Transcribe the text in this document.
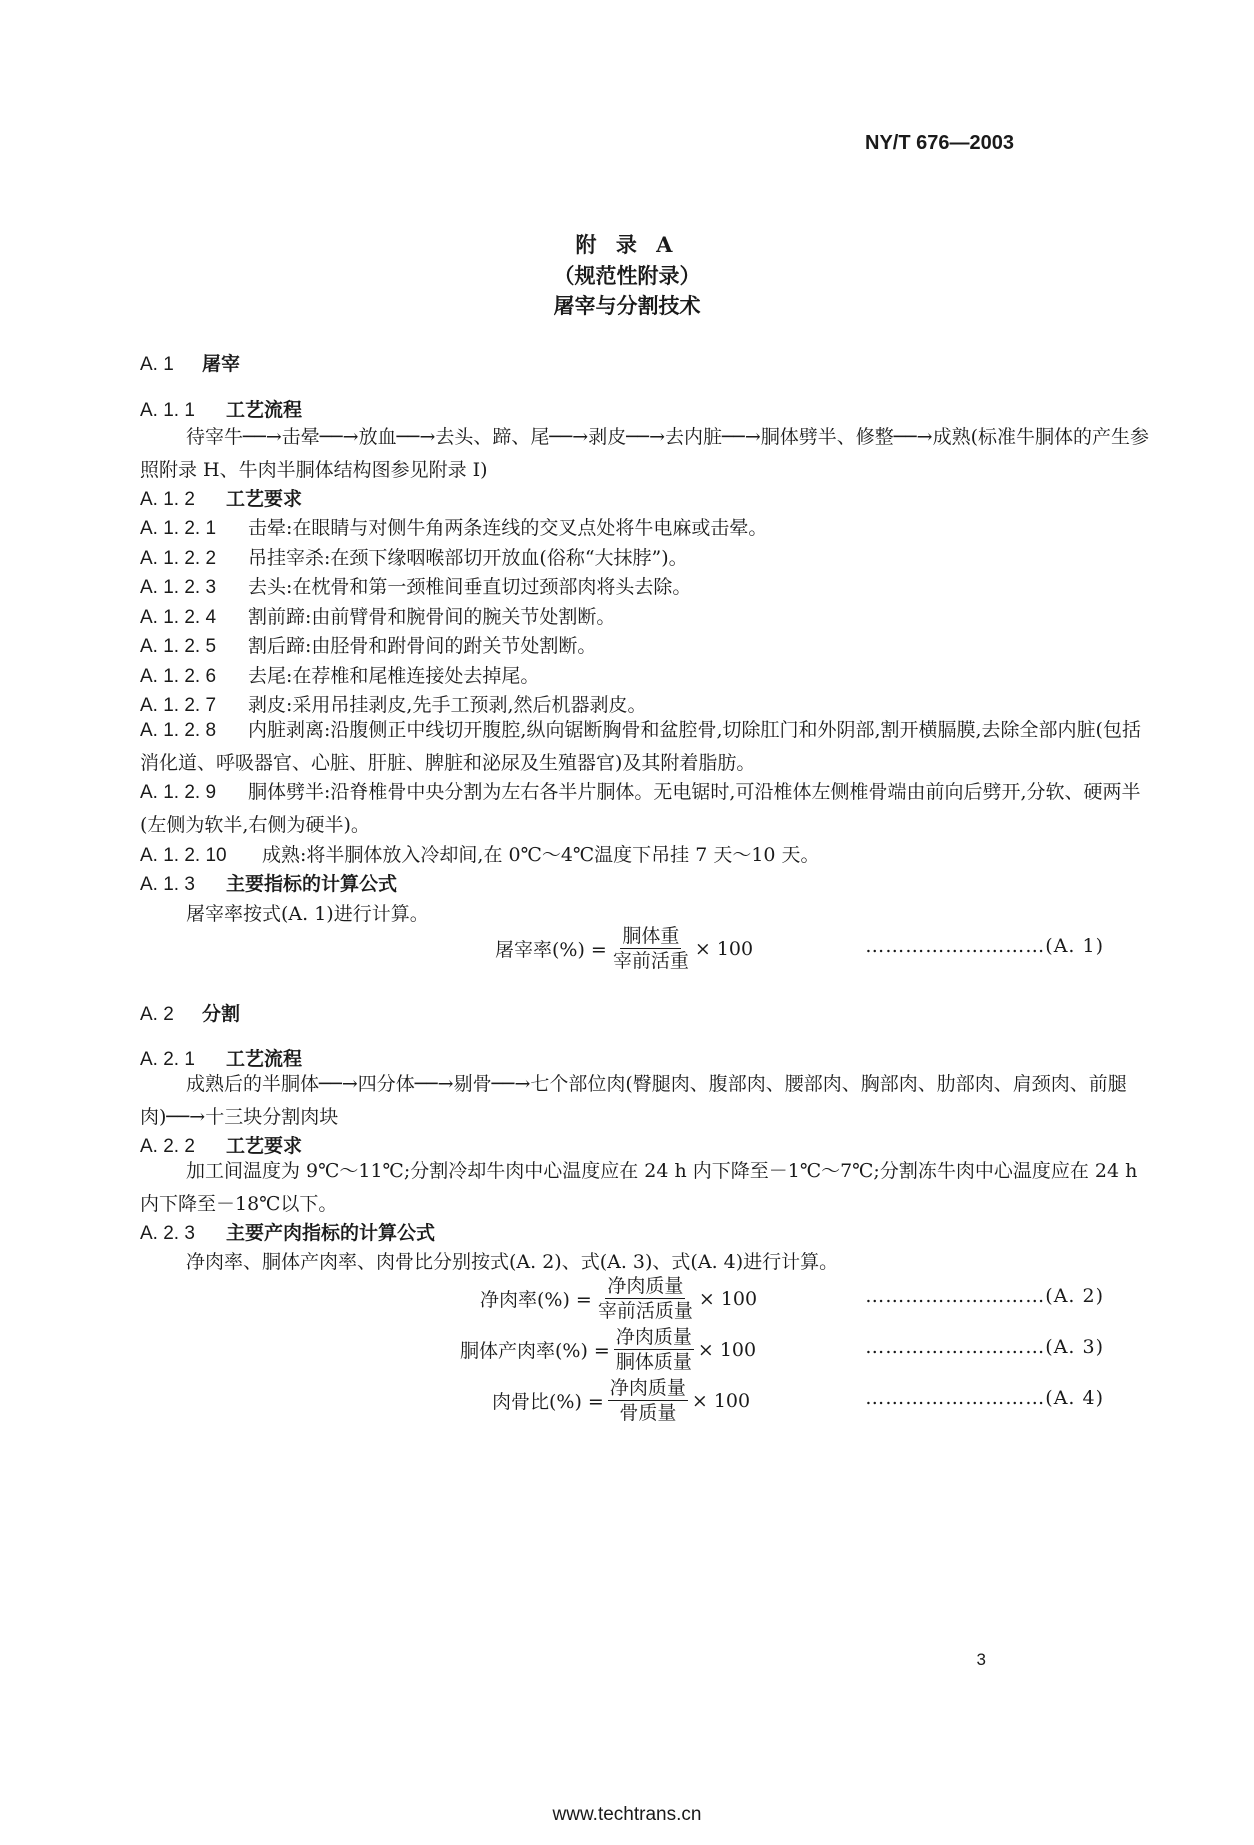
NY/T 676—2003
附 录 A
（规范性附录）
屠宰与分割技术
A. 1 屠宰
A. 1. 1 工艺流程
待宰牛──→击晕──→放血──→去头、蹄、尾──→剥皮──→去内脏──→胴体劈半、修整──→成熟(标准牛胴体的产生参照附录 H、牛肉半胴体结构图参见附录 I)
A. 1. 2 工艺要求
A. 1. 2. 1 击晕:在眼睛与对侧牛角两条连线的交叉点处将牛电麻或击晕。
A. 1. 2. 2 吊挂宰杀:在颈下缘咽喉部切开放血(俗称“大抹脖”)。
A. 1. 2. 3 去头:在枕骨和第一颈椎间垂直切过颈部肉将头去除。
A. 1. 2. 4 割前蹄:由前臂骨和腕骨间的腕关节处割断。
A. 1. 2. 5 割后蹄:由胫骨和跗骨间的跗关节处割断。
A. 1. 2. 6 去尾:在荐椎和尾椎连接处去掉尾。
A. 1. 2. 7 剥皮:采用吊挂剥皮,先手工预剥,然后机器剥皮。
A. 1. 2. 8 内脏剥离:沿腹侧正中线切开腹腔,纵向锯断胸骨和盆腔骨,切除肛门和外阴部,割开横膈膜,去除全部内脏(包括消化道、呼吸器官、心脏、肝脏、脾脏和泌尿及生殖器官)及其附着脂肪。
A. 1. 2. 9 胴体劈半:沿脊椎骨中央分割为左右各半片胴体。无电锯时,可沿椎体左侧椎骨端由前向后劈开,分软、硬两半(左侧为软半,右侧为硬半)。
A. 1. 2. 10 成熟:将半胴体放入冷却间,在 0℃～4℃温度下吊挂 7 天～10 天。
A. 1. 3 主要指标的计算公式
屠宰率按式(A. 1)进行计算。
屠宰率(%) = $\frac{\text{胴体重}}{\text{宰前活重}} \times 100$	………………………(A. 1)
A. 2 分割
A. 2. 1 工艺流程
成熟后的半胴体──→四分体──→剔骨──→七个部位肉(臀腿肉、腹部肉、腰部肉、胸部肉、肋部肉、肩颈肉、前腿肉)──→十三块分割肉块
A. 2. 2 工艺要求
加工间温度为 9℃～11℃;分割冷却牛肉中心温度应在 24 h 内下降至－1℃～7℃;分割冻牛肉中心温度应在 24 h 内下降至－18℃以下。
A. 2. 3 主要产肉指标的计算公式
净肉率、胴体产肉率、肉骨比分别按式(A. 2)、式(A. 3)、式(A. 4)进行计算。
净肉率(%) = $\frac{\text{净肉质量}}{\text{宰前活质量}} \times 100$	………………………(A. 2)
胴体产肉率(%) = $\frac{\text{净肉质量}}{\text{胴体质量}} \times 100$	………………………(A. 3)
肉骨比(%) = $\frac{\text{净肉质量}}{\text{骨质量}} \times 100$	………………………(A. 4)
3
www.techtrans.cn
